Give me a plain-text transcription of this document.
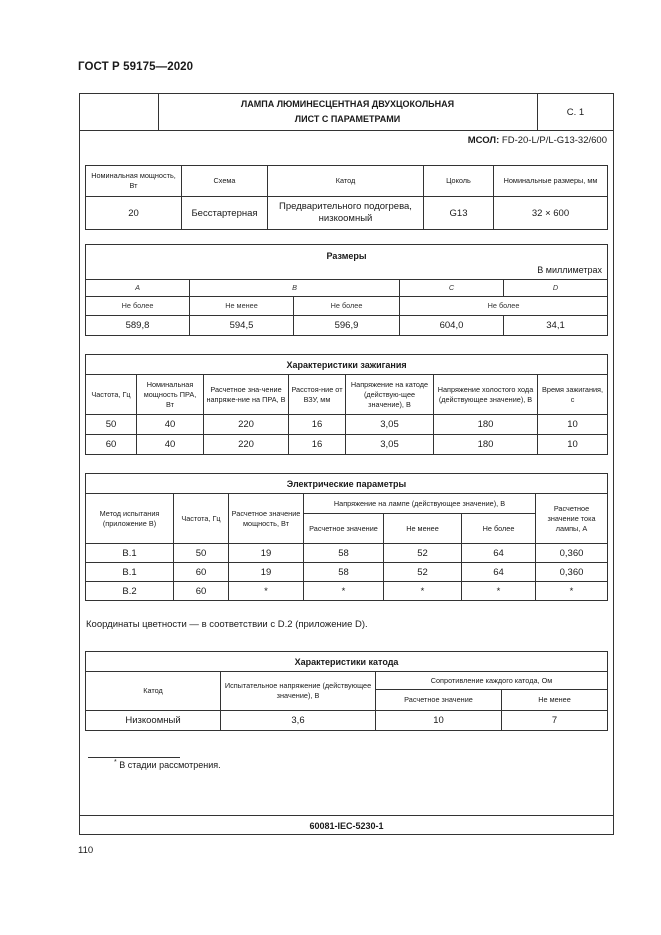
ГОСТ Р 59175—2020
ЛАМПА ЛЮМИНЕСЦЕНТНАЯ ДВУХЦОКОЛЬНАЯ
ЛИСТ С ПАРАМЕТРАМИ
С. 1
МСОЛ: FD-20-L/P/L-G13-32/600
Номинальная мощность, Вт	Схема	Катод	Цоколь	Номинальные размеры, мм
20	Бесстартерная	Предварительного подогрева, низкоомный	G13	32 × 600
Размеры
В миллиметрах				

A	B		C	D
Не более	Не менее	Не более	Не более	
589,8	594,5	596,9	604,0	34,1
Характеристики зажигания						
Частота, Гц	Номинальная мощность ПРА, Вт	Расчетное зна-чение напряже-ние на ПРА, В	Расстоя-ние от ВЗУ, мм	Напряжение на катоде (действую-щее значение), В	Напряжение холостого хода (действующее значение), В	Время зажигания, с
50	40	220	16	3,05	180	10
60	40	220	16	3,05	180	10
Электрические параметры						
Метод испытания (приложение В)	Частота, Гц	Расчетное значение мощность, Вт	Напряжение на лампе (действующее значение), В			Расчетное значение тока лампы, А
			Расчетное значение	Не менее	Не более	
В.1	50	19	58	52	64	0,360
В.1	60	19	58	52	64	0,360
В.2	60	*	*	*	*	*
Координаты цветности — в соответствии с D.2 (приложение D).
Характеристики катода			
Катод	Испытательное напряжение (действующее значение), В	Сопротивление каждого катода, Ом	
		Расчетное значение	Не менее
Низкоомный	3,6	10	7
* В стадии рассмотрения.
60081-IEC-5230-1
110
